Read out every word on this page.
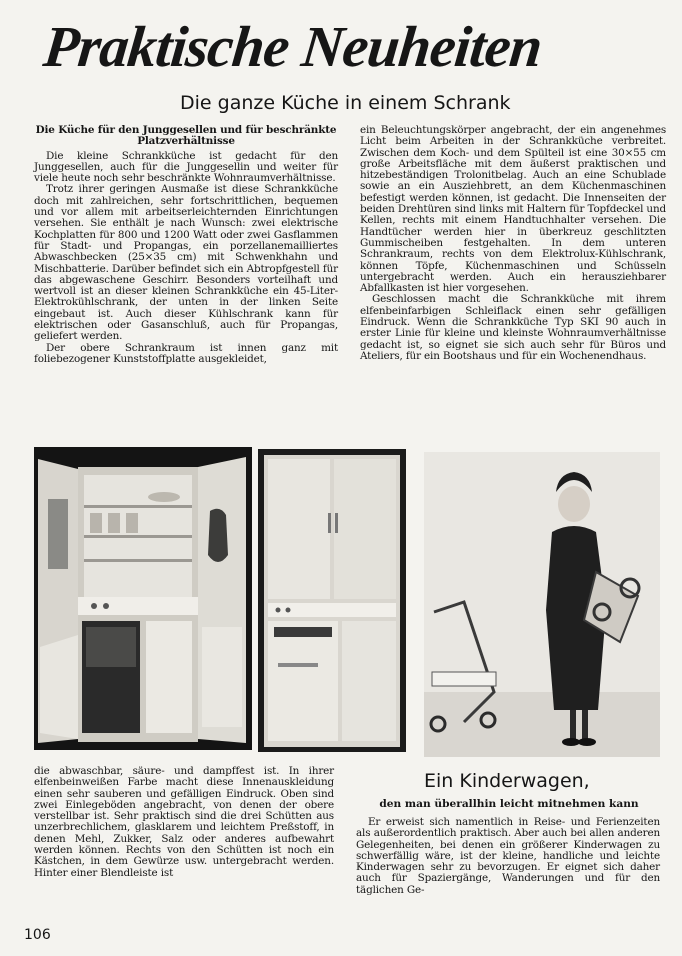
Praktische Neuheiten
Die ganze Küche in einem Schrank

Die Küche für den Junggesellen und für beschränkte Platzverhältnisse

Die kleine Schrankküche ist gedacht für den Junggesellen, auch für die Junggesellin und weiter für viele heute noch sehr beschränkte Wohnraumverhältnisse.

Trotz ihrer geringen Ausmaße ist diese Schrankküche doch mit zahlreichen, sehr fortschrittlichen, bequemen und vor allem mit arbeitserleichternden Einrichtungen versehen. Sie enthält je nach Wunsch: zwei elektrische Kochplatten für 800 und 1200 Watt oder zwei Gasflammen für Stadt- und Propangas, ein porzellanemailliertes Abwaschbecken (25×35 cm) mit Schwenkhahn und Mischbatterie. Darüber befindet sich ein Abtropfgestell für das abgewaschene Geschirr. Besonders vorteilhaft und wertvoll ist an dieser kleinen Schrankküche ein 45-Liter-Elektrokühlschrank, der unten in der linken Seite eingebaut ist. Auch dieser Kühlschrank kann für elektrischen oder Gasanschluß, auch für Propangas, geliefert werden.

Der obere Schrankraum ist innen ganz mit foliebezogener Kunststoffplatte ausgekleidet,

ein Beleuchtungskörper angebracht, der ein angenehmes Licht beim Arbeiten in der Schrankküche verbreitet. Zwischen dem Koch- und dem Spülteil ist eine 30×55 cm große Arbeitsfläche mit dem äußerst praktischen und hitzebeständigen Trolonitbelag. Auch an eine Schublade sowie an ein Ausziehbrett, an dem Küchenmaschinen befestigt werden können, ist gedacht. Die Innenseiten der beiden Drehtüren sind links mit Haltern für Topfdeckel und Kellen, rechts mit einem Handtuchhalter versehen. Die Handtücher werden hier in überkreuz geschlitzten Gummischeiben festgehalten. In dem unteren Schrankraum, rechts von dem Elektrolux-Kühlschrank, können Töpfe, Küchenmaschinen und Schüsseln untergebracht werden. Auch ein herausziehbarer Abfallkasten ist hier vorgesehen.

Geschlossen macht die Schrankküche mit ihrem elfenbeinfarbigen Schleiflack einen sehr gefälligen Eindruck. Wenn die Schrankküche Typ SKI 90 auch in erster Linie für kleine und kleinste Wohnraumverhältnisse gedacht ist, so eignet sie sich auch sehr für Büros und Ateliers, für ein Bootshaus und für ein Wochenendhaus.

die abwaschbar, säure- und dampffest ist. In ihrer elfenbeinweißen Farbe macht diese Innenauskleidung einen sehr sauberen und gefälligen Eindruck. Oben sind zwei Einlegeböden angebracht, von denen der obere verstellbar ist. Sehr praktisch sind die drei Schütten aus unzerbrechlichem, glasklarem und leichtem Preßstoff, in denen Mehl, Zukker, Salz oder anderes aufbewahrt werden können. Rechts von den Schütten ist noch ein Kästchen, in dem Gewürze usw. untergebracht werden. Hinter einer Blendleiste ist

Ein Kinderwagen,
den man überallhin leicht mitnehmen kann

Er erweist sich namentlich in Reise- und Ferienzeiten als außerordentlich praktisch. Aber auch bei allen anderen Gelegenheiten, bei denen ein größerer Kinderwagen zu schwerfällig wäre, ist der kleine, handliche und leichte Kinderwagen sehr zu bevorzugen. Er eignet sich daher auch für Spaziergänge, Wanderungen und für den täglichen Ge-

106
